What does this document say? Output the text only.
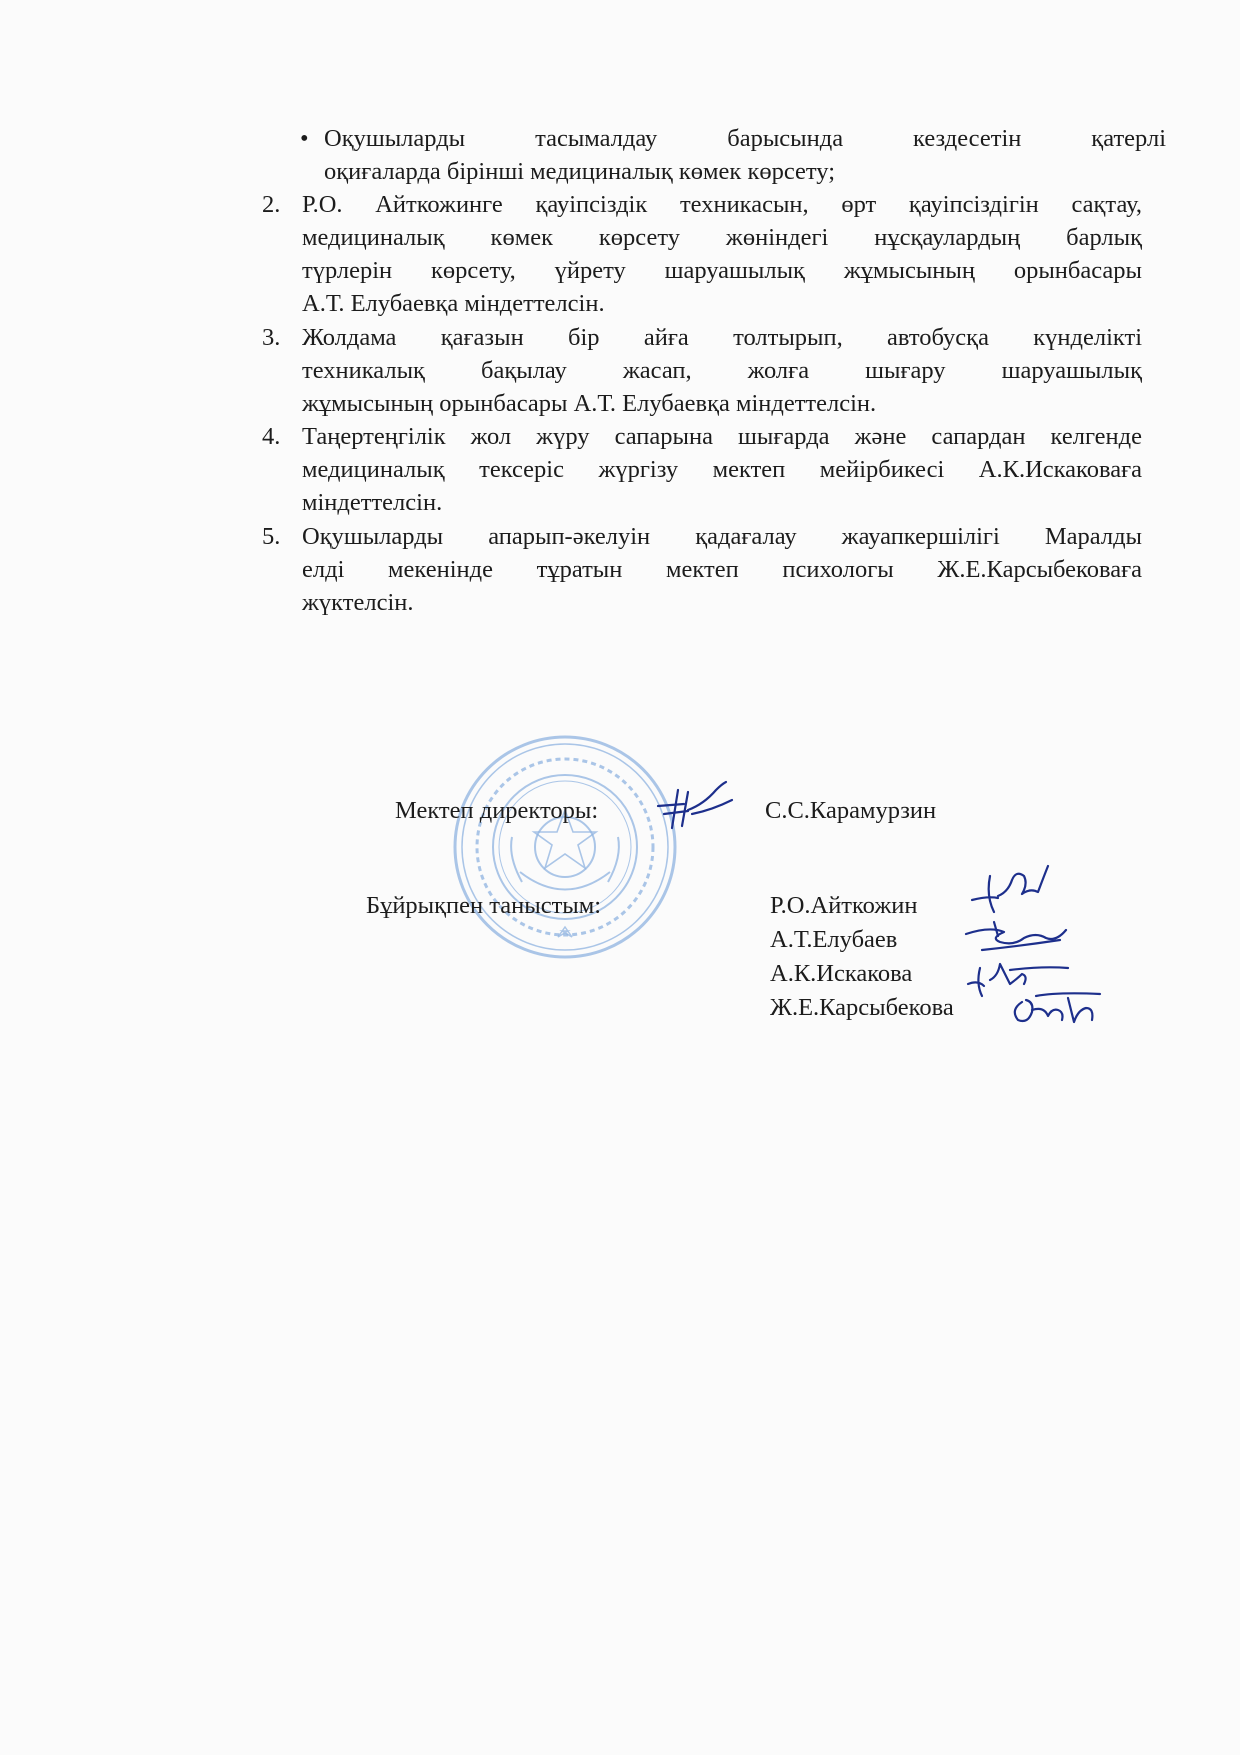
• Оқушыларды тасымалдау барысында кездесетін қатерлі
оқиғаларда бірінші медициналық көмек көрсету;
2. Р.О. Айткожинге қауіпсіздік техникасын, өрт қауіпсіздігін сақтау,
медициналық көмек көрсету жөніндегі нұсқаулардың барлық
түрлерін көрсету, үйрету шаруашылық жұмысының орынбасары
А.Т. Елубаевқа міндеттелсін.
3. Жолдама қағазын бір айға толтырып, автобусқа күнделікті
техникалық бақылау жасап, жолға шығару шаруашылық
жұмысының орынбасары А.Т. Елубаевқа міндеттелсін.
4. Таңертеңгілік жол жүру сапарына шығарда және сапардан келгенде
медициналық тексеріс жүргізу мектеп мейірбикесі А.К.Искаковаға
міндеттелсін.
5. Оқушыларды апарып-әкелуін қадағалау жауапкершілігі Маралды
елді мекенінде тұратын мектеп психологы Ж.Е.Карсыбековаға
жүктелсін.
Мектеп директоры:	С.С.Карамурзин
Бұйрықпен таныстым:	Р.О.Айткожин
А.Т.Елубаев
А.К.Искакова
Ж.Е.Карсыбекова
